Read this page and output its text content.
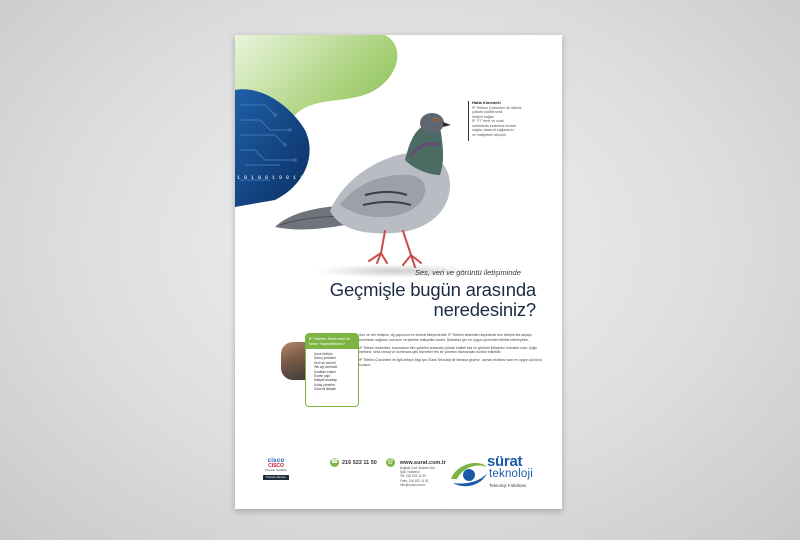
Hatla Kimedeki
IP Telefon Çözümleri ile ofisiniz
yüksek kaliteli sesli
iletişim sağlar
IP 7/7 Yerel ve uzak
noktalarda kesintisiz hizmet
sağlar, tasarruf sağlarsınız
ve maliyetleri düşürür
1 0 1 0 0 1 0 0 1 1 0 0 1 0
Ses, veri ve görüntü iletişiminde
Geçmişle bugün arasında
neredesiniz?
IP Telefon Sistemleri ile Neler Yapabilirsiniz?
• Ucuz iletişim
• Süreç yönetimi
• Hızlı ve verimli
• Tek ağ üzerinde
• Uzaktan erişim
• Esnek yapı
• Maliyet avantajı
• Kolay yönetim
• Güvenli iletişim

Ses ve veri iletişimi, ağ yapısının en önemli bileşenleridir. IP Telefon sistemleri sayesinde tüm iletişim tek altyapı üzerinden sağlanır, kurulum ve işletme maliyetleri azalır. Şirketiniz için en uygun çözümleri birlikte belirleyelim.

IP Telefon sistemleri, kurumların tüm şubeleri arasında yüksek kaliteli ses ve görüntü iletişimini mümkün kılar. Çağrı merkezi, sesli mesaj ve konferans gibi hizmetler tek bir yönetim ekranından kontrol edilebilir.

IP Telefon Çözümleri ile ilgili detaylı bilgi için Sürat Teknoloji ile temasa geçiniz, uzman ekibimiz size en uygun çözümü sunsun.

cisco
CISCO
Premier Certified
Premier Partner
☎ 216 522 11 50 @ www.surat.com.tr
Bağdat Cad. Bostan Sok.
Şişli / İstanbul
Tel: 216 522 11 50
Faks: 216 522 11 51
info@surat.com.tr
sürat
teknoloji
Teknoloji Fabrikası
